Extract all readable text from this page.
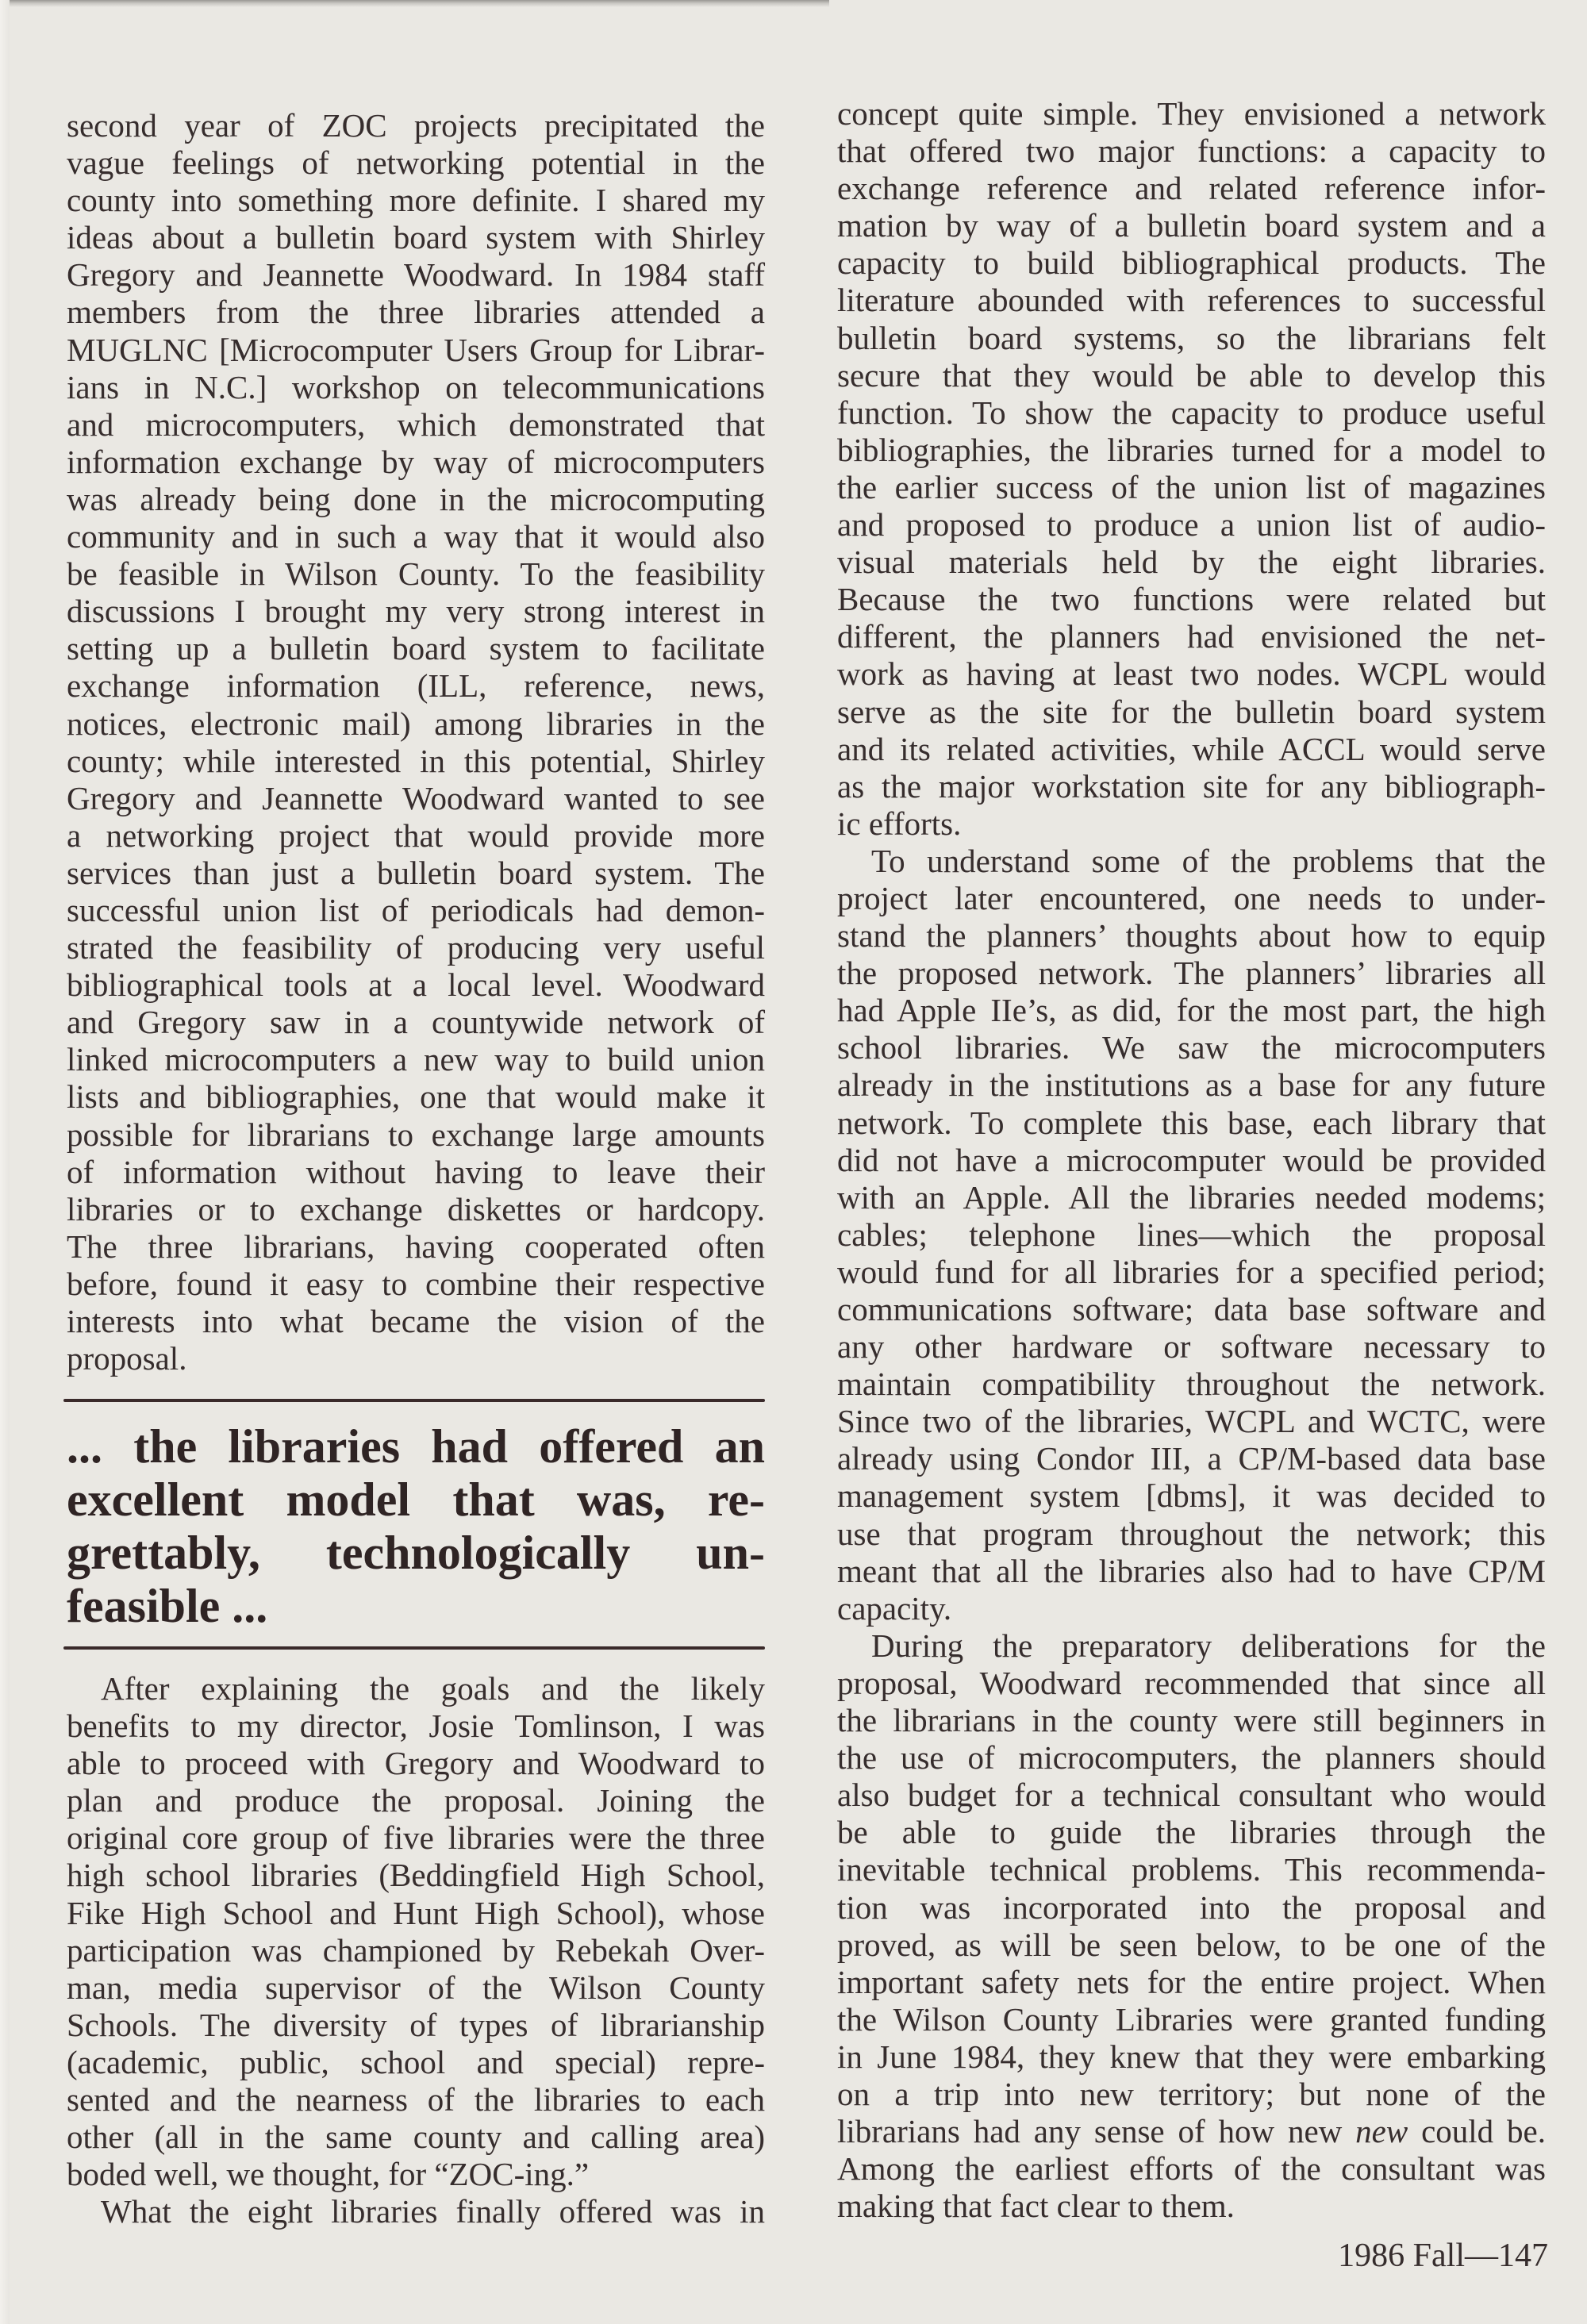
second year of ZOC projects precipitated the
vague feelings of networking potential in the
county into something more definite. I shared my
ideas about a bulletin board system with Shirley
Gregory and Jeannette Woodward. In 1984 staff
members from the three libraries attended a
MUGLNC [Microcomputer Users Group for Librar-
ians in N.C.] workshop on telecommunications
and microcomputers, which demonstrated that
information exchange by way of microcomputers
was already being done in the microcomputing
community and in such a way that it would also
be feasible in Wilson County. To the feasibility
discussions I brought my very strong interest in
setting up a bulletin board system to facilitate
exchange information (ILL, reference, news,
notices, electronic mail) among libraries in the
county; while interested in this potential, Shirley
Gregory and Jeannette Woodward wanted to see
a networking project that would provide more
services than just a bulletin board system. The
successful union list of periodicals had demon-
strated the feasibility of producing very useful
bibliographical tools at a local level. Woodward
and Gregory saw in a countywide network of
linked microcomputers a new way to build union
lists and bibliographies, one that would make it
possible for librarians to exchange large amounts
of information without having to leave their
libraries or to exchange diskettes or hardcopy.
The three librarians, having cooperated often
before, found it easy to combine their respective
interests into what became the vision of the
proposal.
... the libraries had offered an
excellent model that was, re-
grettably, technologically un-
feasible ...
After explaining the goals and the likely
benefits to my director, Josie Tomlinson, I was
able to proceed with Gregory and Woodward to
plan and produce the proposal. Joining the
original core group of five libraries were the three
high school libraries (Beddingfield High School,
Fike High School and Hunt High School), whose
participation was championed by Rebekah Over-
man, media supervisor of the Wilson County
Schools. The diversity of types of librarianship
(academic, public, school and special) repre-
sented and the nearness of the libraries to each
other (all in the same county and calling area)
boded well, we thought, for “ZOC-ing.”
What the eight libraries finally offered was in
concept quite simple. They envisioned a network
that offered two major functions: a capacity to
exchange reference and related reference infor-
mation by way of a bulletin board system and a
capacity to build bibliographical products. The
literature abounded with references to successful
bulletin board systems, so the librarians felt
secure that they would be able to develop this
function. To show the capacity to produce useful
bibliographies, the libraries turned for a model to
the earlier success of the union list of magazines
and proposed to produce a union list of audio-
visual materials held by the eight libraries.
Because the two functions were related but
different, the planners had envisioned the net-
work as having at least two nodes. WCPL would
serve as the site for the bulletin board system
and its related activities, while ACCL would serve
as the major workstation site for any bibliograph-
ic efforts.
To understand some of the problems that the
project later encountered, one needs to under-
stand the planners’ thoughts about how to equip
the proposed network. The planners’ libraries all
had Apple IIe’s, as did, for the most part, the high
school libraries. We saw the microcomputers
already in the institutions as a base for any future
network. To complete this base, each library that
did not have a microcomputer would be provided
with an Apple. All the libraries needed modems;
cables; telephone lines—which the proposal
would fund for all libraries for a specified period;
communications software; data base software and
any other hardware or software necessary to
maintain compatibility throughout the network.
Since two of the libraries, WCPL and WCTC, were
already using Condor III, a CP/M-based data base
management system [dbms], it was decided to
use that program throughout the network; this
meant that all the libraries also had to have CP/M
capacity.
During the preparatory deliberations for the
proposal, Woodward recommended that since all
the librarians in the county were still beginners in
the use of microcomputers, the planners should
also budget for a technical consultant who would
be able to guide the libraries through the
inevitable technical problems. This recommenda-
tion was incorporated into the proposal and
proved, as will be seen below, to be one of the
important safety nets for the entire project. When
the Wilson County Libraries were granted funding
in June 1984, they knew that they were embarking
on a trip into new territory; but none of the
librarians had any sense of how new new could be.
Among the earliest efforts of the consultant was
making that fact clear to them.
1986 Fall—147
